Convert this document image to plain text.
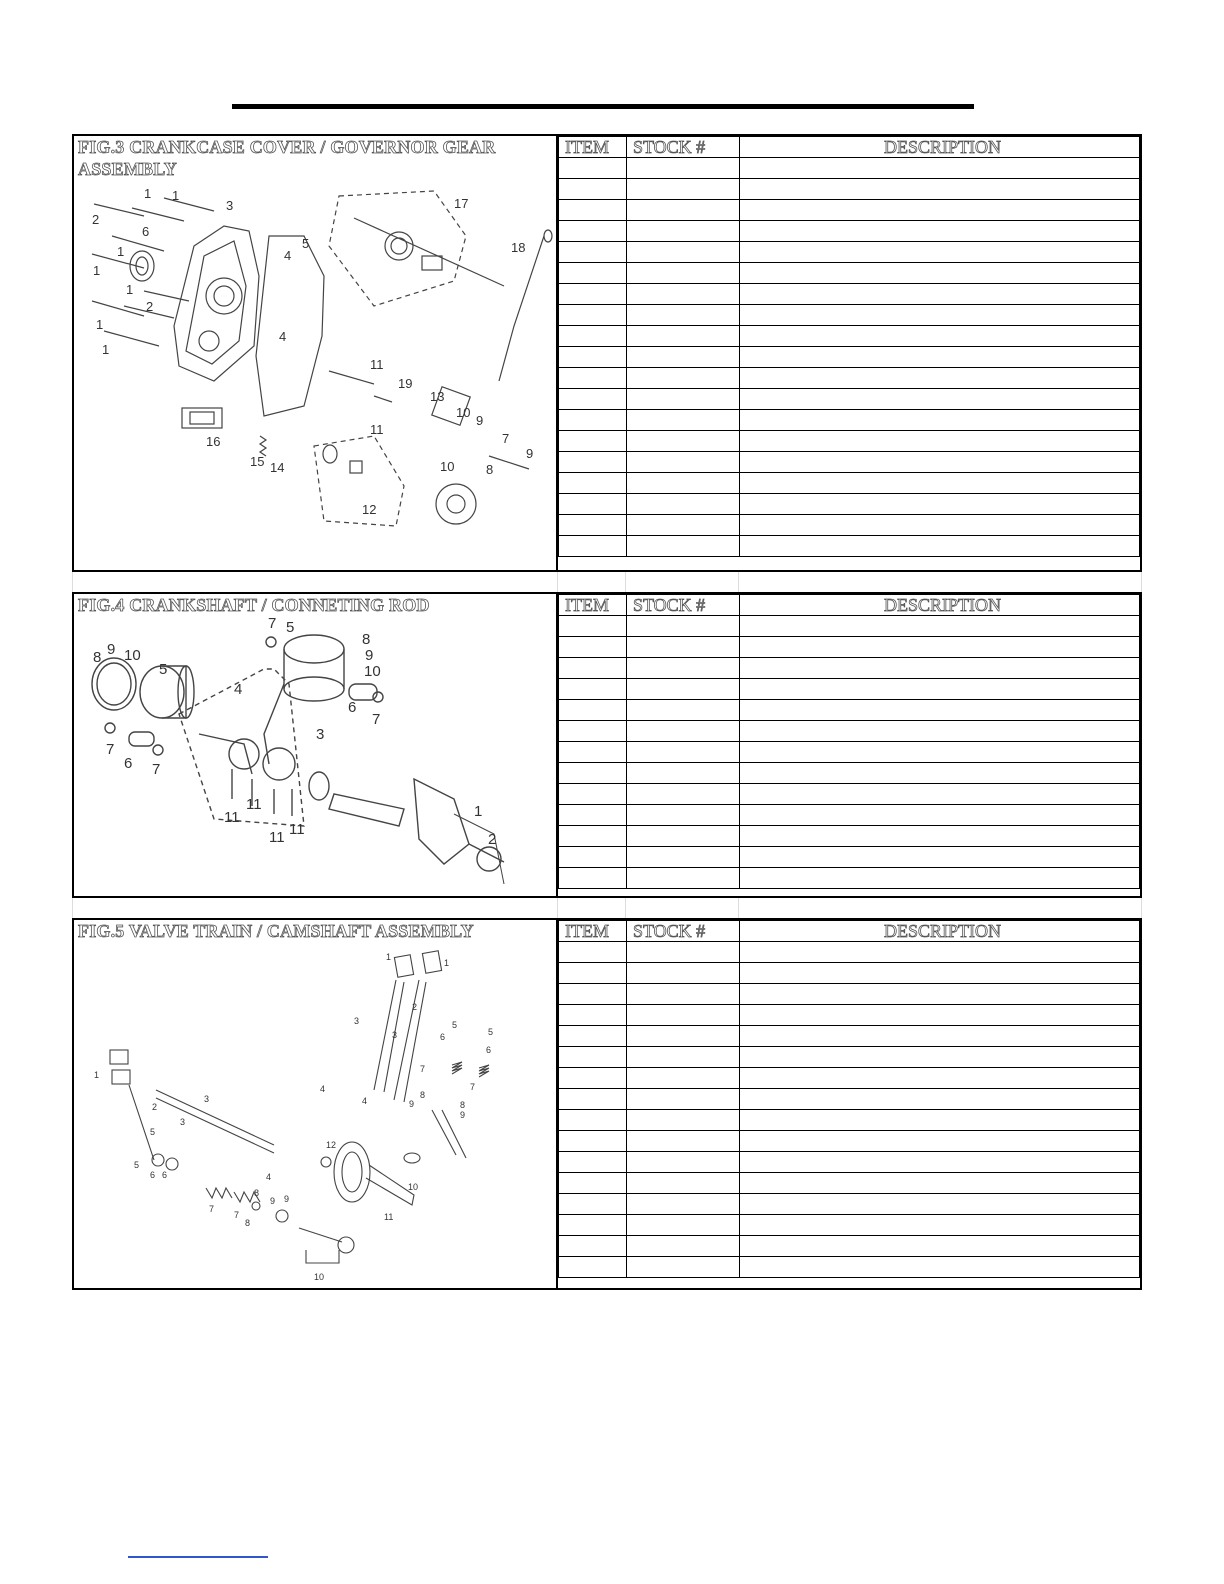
FIG.3 CRANKCASE COVER / GOVERNOR GEAR ASSEMBLY
1 1
2
3
5
4
6
1
1
1
2
1
1
4
11
19
13
10
9
7
8
9
10
11
12
16
15 14
17
18
ITEM	STOCK #	DESCRIPTION

FIG.4 CRANKSHAFT / CONNETING ROD
8 9 10
5
7
6 7
4
7 5
8
9
10
6
7
3
11
11
11 11
1
2
ITEM	STOCK #	DESCRIPTION

FIG.5 VALVE TRAIN / CAMSHAFT ASSEMBLY
1
1
2
3
3
4
4
5
5
6
6
7
7
8
8
9
9
10
11
12
1
2
3
3
4
5
5
6 6
7
7
8
8
9 9
10
ITEM	STOCK #	DESCRIPTION
